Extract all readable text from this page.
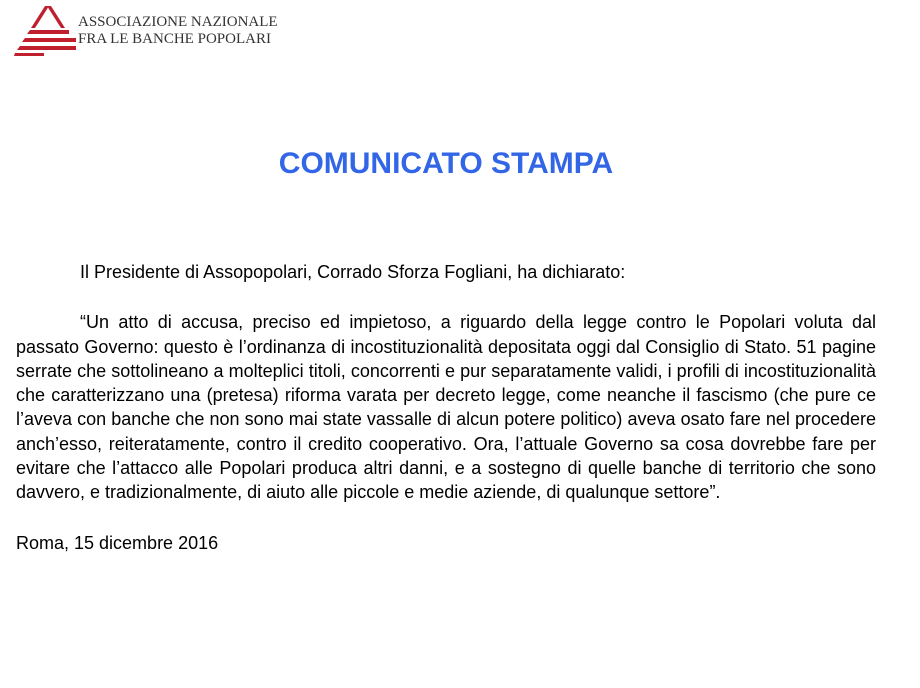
ASSOCIAZIONE NAZIONALE
FRA LE BANCHE POPOLARI
COMUNICATO STAMPA

Il Presidente di Assopopolari, Corrado Sforza Fogliani, ha dichiarato:

“Un atto di accusa, preciso ed impietoso, a riguardo della legge contro le Popolari voluta dal passato Governo: questo è l’ordinanza di incostituzionalità depositata oggi dal Consiglio di Stato. 51 pagine serrate che sottolineano a molteplici titoli, concorrenti e pur separatamente validi, i profili di incostituzionalità che caratterizzano una (pretesa) riforma varata per decreto legge, come neanche il fascismo (che pure ce l’aveva con banche che non sono mai state vassalle di alcun potere politico) aveva osato fare nel procedere anch’esso, reiteratamente, contro il credito cooperativo. Ora, l’attuale Governo sa cosa dovrebbe fare per evitare che l’attacco alle Popolari produca altri danni, e a sostegno di quelle banche di territorio che sono davvero, e tradizionalmente, di aiuto alle piccole e medie aziende, di qualunque settore”.

Roma, 15 dicembre 2016
